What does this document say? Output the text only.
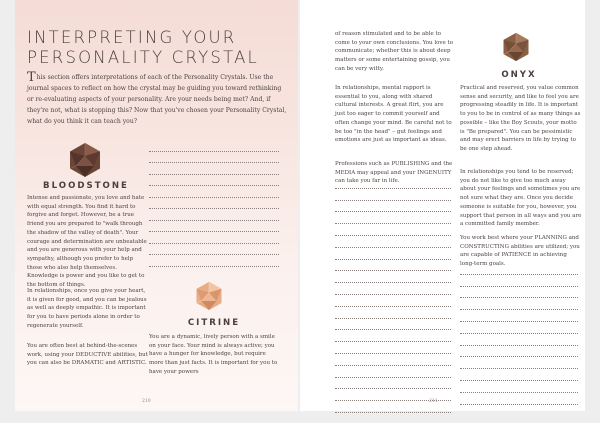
INTERPRETING YOUR
PERSONALITY CRYSTAL

This section offers interpretations of each of the Personality Crystals. Use the journal spaces to reflect on how the crystal may be guiding you toward rethinking or re-evaluating aspects of your personality. Are your needs being met? And, if they're not, what is stopping this? Now that you've chosen your Personality Crystal, what do you think it can teach you?

BLOODSTONE

Intense and passionate, you love and hate with equal strength. You find it hard to forgive and forget. However, be a true friend you are prepared to "walk through the shadow of the valley of death". Your courage and determination are unbeatable and you are generous with your help and sympathy, although you prefer to help those who also help themselves. Knowledge is power and you like to get to the bottom of things.

In relationships, once you give your heart, it is given for good, and you can be jealous as well as deeply empathic. It is important for you to have periods alone in order to regenerate yourself.

You are often best at behind-the-scenes work, using your DEDUCTIVE abilities, but you can also be DRAMATIC and ARTISTIC.

CITRINE

You are a dynamic, lively person with a smile on your face. Your mind is always active; you have a hunger for knowledge, but require more than just facts. It is important for you to have your powers

210

of reason stimulated and to be able to come to your own conclusions. You love to communicate; whether this is about deep matters or some entertaining gossip, you can be very witty.

In relationships, mental rapport is essential to you, along with shared cultural interests. A great flirt, you are just too eager to commit yourself and often change your mind. Be careful not to be too "in the head" – gut feelings and emotions are just as important as ideas.

Professions such as PUBLISHING and the MEDIA may appeal and your INGENUITY can take you far in life.

ONYX

Practical and reserved, you value common sense and security, and like to feel you are progressing steadily in life. It is important to you to be in control of as many things as possible – like the Boy Scouts, your motto is "Be prepared". You can be pessimistic and may erect barriers in life by trying to be one step ahead.

In relationships you tend to be reserved; you do not like to give too much away about your feelings and sometimes you are not sure what they are. Once you decide someone is suitable for you, however, you support that person in all ways and you are a committed family member.

You work best where your PLANNING and CONSTRUCTING abilities are utilized; you are capable of PATIENCE in achieving long-term goals.

211
